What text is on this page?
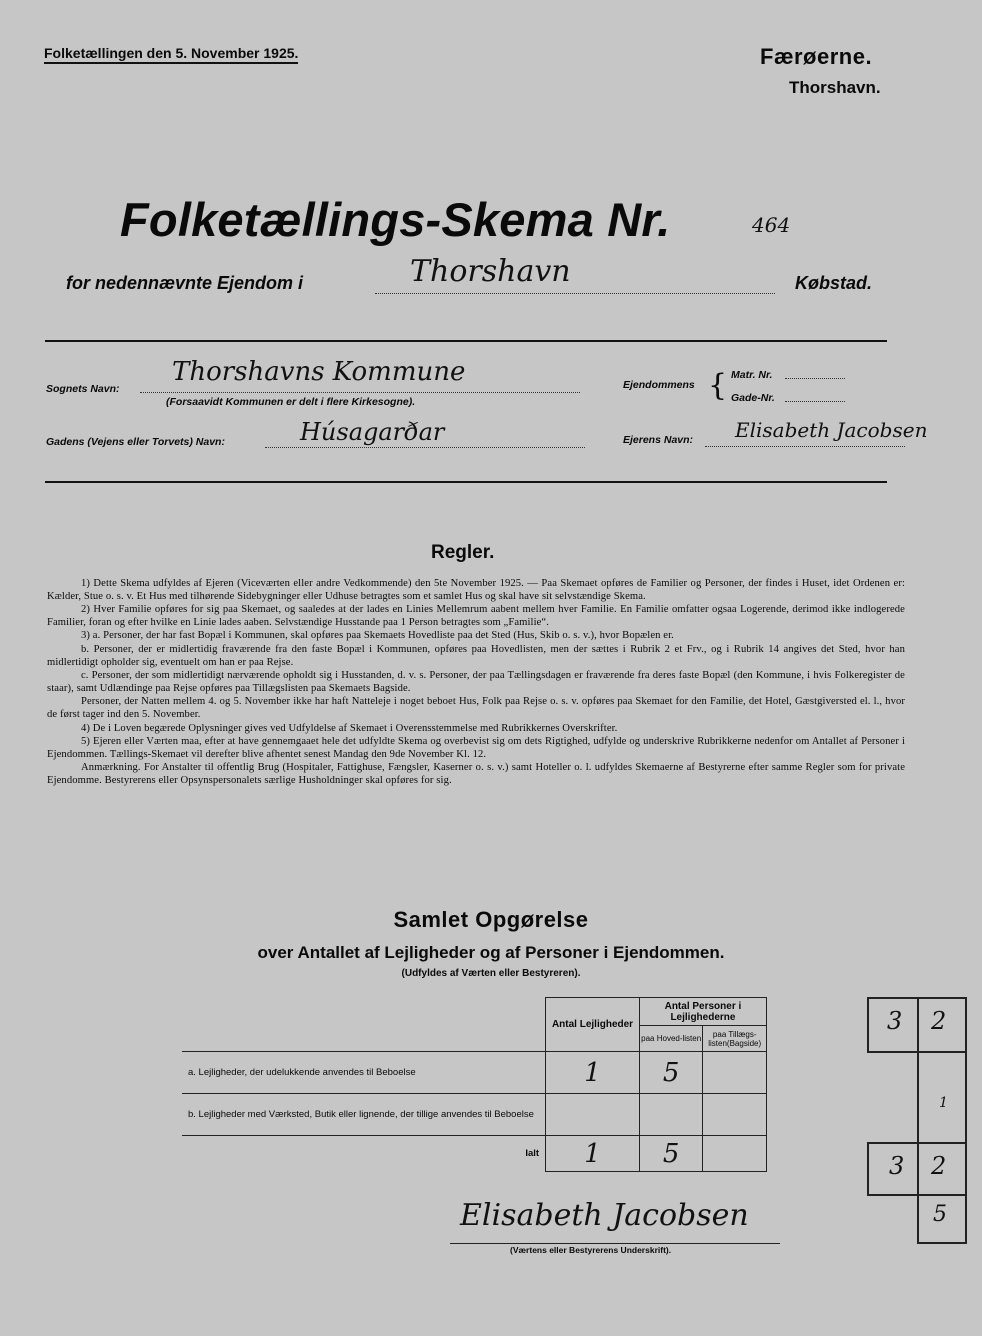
Folketællingen den 5. November 1925.	Færøerne.
Thorshavn.
Folketællings-Skema Nr.	464
for nedennævnte Ejendom i	Thorshavn	Købstad.
Sognets Navn:
Thorshavns Kommune
(Forsaavidt Kommunen er delt i flere Kirkesogne).
Ejendommens { Matr. Nr.
Gade-Nr.
Gadens (Vejens eller Torvets) Navn:	Húsagarðar	Ejerens Navn: Elisabeth Jacobsen
Regler.

1) Dette Skema udfyldes af Ejeren (Viceværten eller andre Vedkommende) den 5te November 1925. — Paa Skemaet opføres de Familier og Personer, der findes i Huset, idet Ordenen er: Kælder, Stue o. s. v. Et Hus med tilhørende Sidebygninger eller Udhuse betragtes som et samlet Hus og skal have sit selvstændige Skema.

2) Hver Familie opføres for sig paa Skemaet, og saaledes at der lades en Linies Mellemrum aabent mellem hver Familie. En Familie omfatter ogsaa Logerende, derimod ikke indlogerede Familier, foran og efter hvilke en Linie lades aaben. Selvstændige Husstande paa 1 Person betragtes som „Familie“.

3) a. Personer, der har fast Bopæl i Kommunen, skal opføres paa Skemaets Hovedliste paa det Sted (Hus, Skib o. s. v.), hvor Bopælen er.

b. Personer, der er midlertidig fraværende fra den faste Bopæl i Kommunen, opføres paa Hovedlisten, men der sættes i Rubrik 2 et Frv., og i Rubrik 14 angives det Sted, hvor han midlertidigt opholder sig, eventuelt om han er paa Rejse.

c. Personer, der som midlertidigt nærværende opholdt sig i Husstanden, d. v. s. Personer, der paa Tællingsdagen er fraværende fra deres faste Bopæl (den Kommune, i hvis Folkeregister de staar), samt Udlændinge paa Rejse opføres paa Tillægslisten paa Skemaets Bagside.

Personer, der Natten mellem 4. og 5. November ikke har haft Natteleje i noget beboet Hus, Folk paa Rejse o. s. v. opføres paa Skemaet for den Familie, det Hotel, Gæstgiversted el. l., hvor de først tager ind den 5. November.

4) De i Loven begærede Oplysninger gives ved Udfyldelse af Skemaet i Overensstemmelse med Rubrikkernes Overskrifter.

5) Ejeren eller Værten maa, efter at have gennemgaaet hele det udfyldte Skema og overbevist sig om dets Rigtighed, udfylde og underskrive Rubrikkerne nedenfor om Antallet af Personer i Ejendommen. Tællings-Skemaet vil derefter blive afhentet senest Mandag den 9de November Kl. 12.

Anmærkning. For Anstalter til offentlig Brug (Hospitaler, Fattighuse, Fængsler, Kaserner o. s. v.) samt Hoteller o. l. udfyldes Skemaerne af Bestyrerne efter samme Regler som for private Ejendomme. Bestyrerens eller Opsynspersonalets særlige Husholdninger skal opføres for sig.

Samlet Opgørelse
over Antallet af Lejligheder og af Personer i Ejendommen.
(Udfyldes af Værten eller Bestyreren).
	Antal Lejligheder	Antal Personer i Lejlighederne	
		paa Hoved-listen	paa Tillægs-listen(Bagside)
a. Lejligheder, der udelukkende anvendes til Beboelse	1	5	
b. Lejligheder med Værksted, Butik eller lignende, der tillige anvendes til Beboelse			
Ialt	1	5	
Elisabeth Jacobsen
(Værtens eller Bestyrerens Underskrift).
3 2
1
3 2
5
